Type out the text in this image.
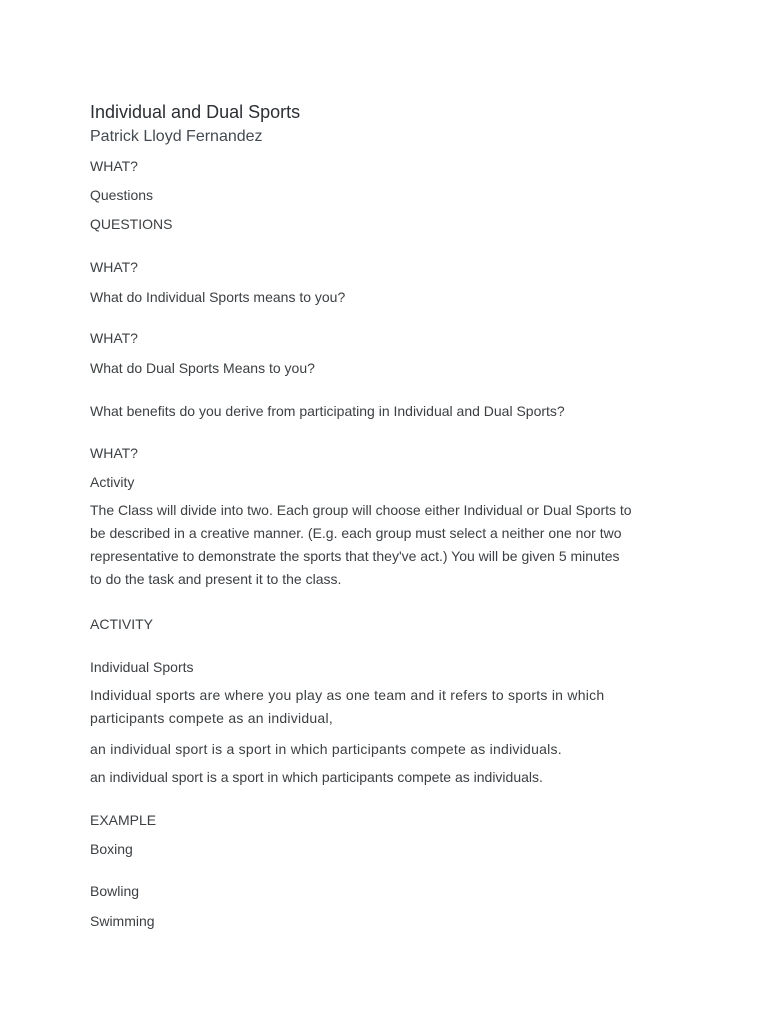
Individual and Dual Sports
Patrick Lloyd Fernandez
WHAT?
Questions
QUESTIONS
WHAT?
What do Individual Sports means to you?
WHAT?
What do Dual Sports Means to you?
What benefits do you derive from participating in Individual and Dual Sports?
WHAT?
Activity
The Class will divide into two. Each group will choose either Individual or Dual Sports to
be described in a creative manner. (E.g. each group must select a neither one nor two
representative to demonstrate the sports that they've act.) You will be given 5 minutes
to do the task and present it to the class.
ACTIVITY
Individual Sports
Individual sports are where you play as one team and it refers to sports in which
participants compete as an individual,
an individual sport is a sport in which participants compete as individuals.
an individual sport is a sport in which participants compete as individuals.
EXAMPLE
Boxing
Bowling
Swimming
